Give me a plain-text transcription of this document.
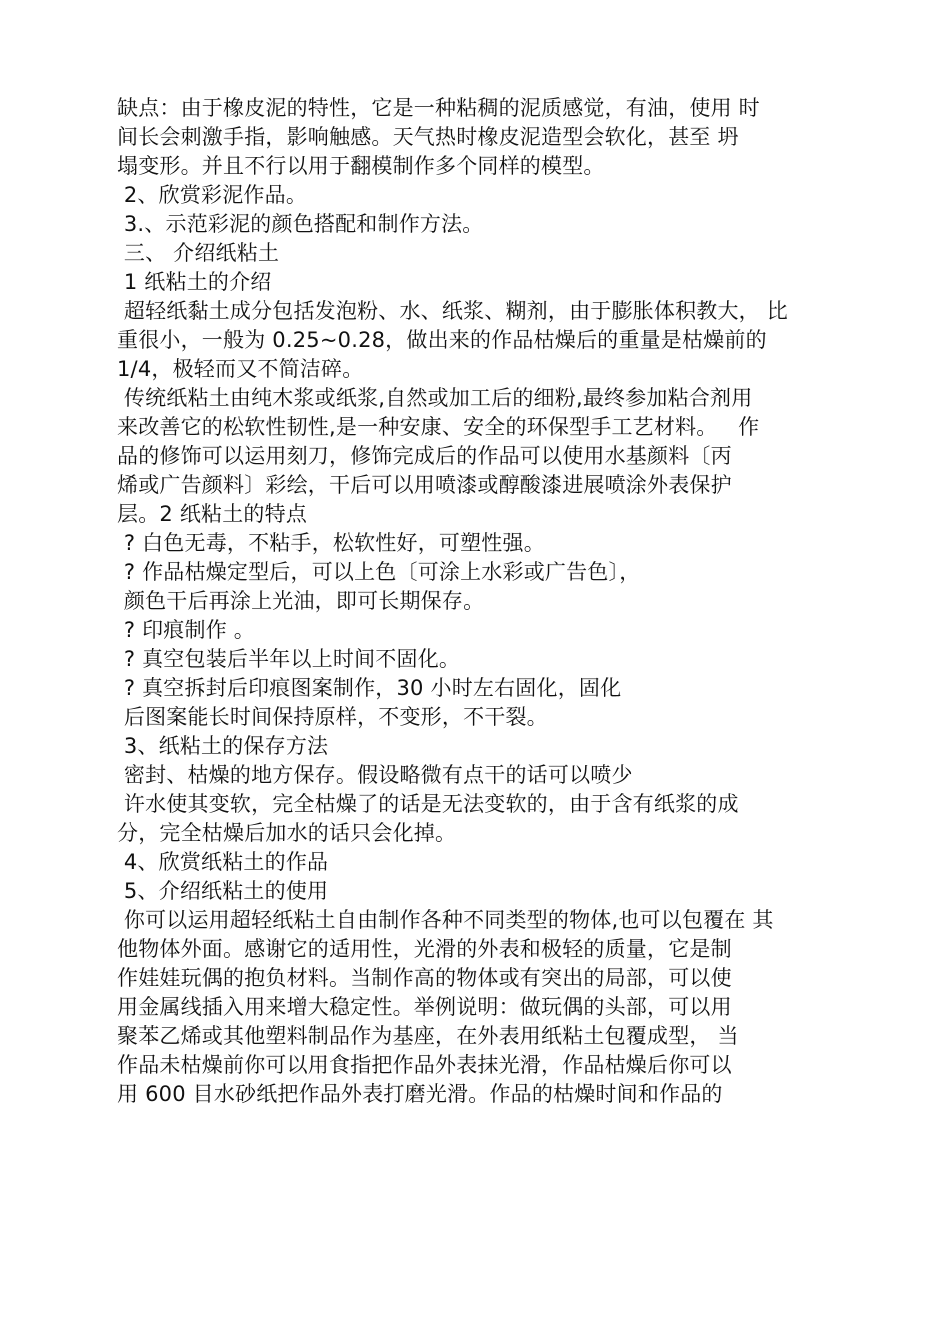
缺点：由于橡皮泥的特性，它是一种粘稠的泥质感觉，有油，使用 时
间长会刺激手指，影响触感。天气热时橡皮泥造型会软化，甚至 坍
塌变形。并且不行以用于翻模制作多个同样的模型。
2、欣赏彩泥作品。
3.、示范彩泥的颜色搭配和制作方法。
三、 介绍纸粘土
1 纸粘土的介绍
超轻纸黏土成分包括发泡粉、水、纸浆、糊剂，由于膨胀体积教大， 比
重很小，一般为 0.25~0.28，做出来的作品枯燥后的重量是枯燥前的
1/4，极轻而又不简洁碎。
传统纸粘土由纯木浆或纸浆,自然或加工后的细粉,最终参加粘合剂用
来改善它的松软性韧性,是一种安康、安全的环保型手工艺材料。   作
品的修饰可以运用刻刀，修饰完成后的作品可以使用水基颜料〔丙
烯或广告颜料〕彩绘，干后可以用喷漆或醇酸漆进展喷涂外表保护
层。2 纸粘土的特点
? 白色无毒，不粘手，松软性好，可塑性强。
? 作品枯燥定型后，可以上色〔可涂上水彩或广告色〕，
颜色干后再涂上光油，即可长期保存。
? 印痕制作 。
? 真空包装后半年以上时间不固化。
? 真空拆封后印痕图案制作，30 小时左右固化，固化
后图案能长时间保持原样，不变形，不干裂。
3、纸粘土的保存方法
密封、枯燥的地方保存。假设略微有点干的话可以喷少
许水使其变软，完全枯燥了的话是无法变软的，由于含有纸浆的成
分，完全枯燥后加水的话只会化掉。
4、欣赏纸粘土的作品
5、介绍纸粘土的使用
你可以运用超轻纸粘土自由制作各种不同类型的物体,也可以包覆在 其
他物体外面。感谢它的适用性，光滑的外表和极轻的质量，它是制
作娃娃玩偶的抱负材料。当制作高的物体或有突出的局部，可以使
用金属线插入用来增大稳定性。举例说明：做玩偶的头部，可以用
聚苯乙烯或其他塑料制品作为基座，在外表用纸粘土包覆成型， 当
作品未枯燥前你可以用食指把作品外表抹光滑，作品枯燥后你可以
用 600 目水砂纸把作品外表打磨光滑。作品的枯燥时间和作品的
